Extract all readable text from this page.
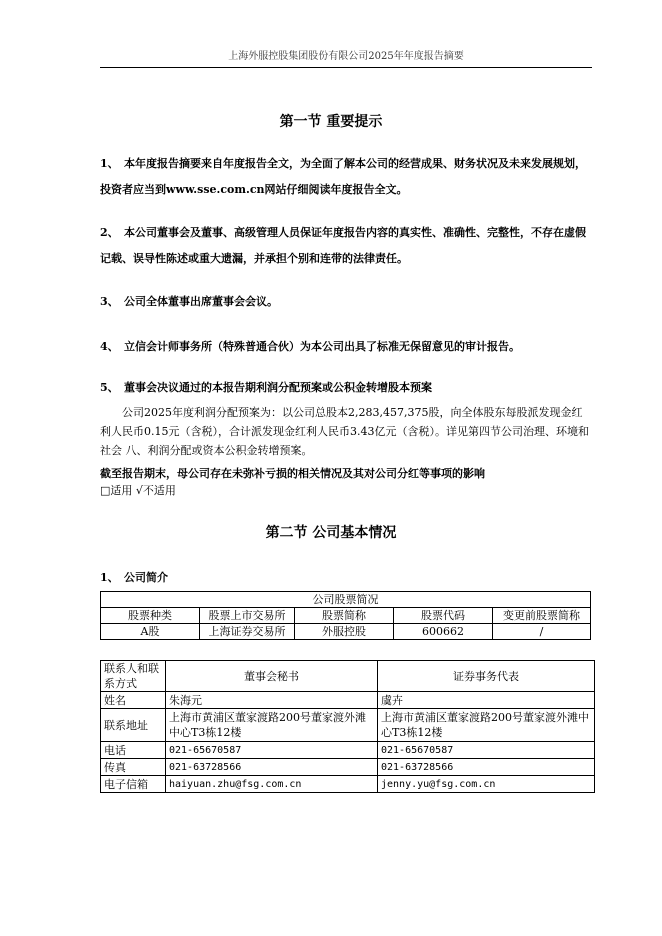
上海外服控股集团股份有限公司2025年年度报告摘要
第一节 重要提示
1、 本年度报告摘要来自年度报告全文，为全面了解本公司的经营成果、财务状况及未来发展规划，投资者应当到www.sse.com.cn网站仔细阅读年度报告全文。
2、 本公司董事会及董事、高级管理人员保证年度报告内容的真实性、准确性、完整性，不存在虚假记载、误导性陈述或重大遗漏，并承担个别和连带的法律责任。
3、 公司全体董事出席董事会会议。
4、 立信会计师事务所（特殊普通合伙）为本公司出具了标准无保留意见的审计报告。
5、 董事会决议通过的本报告期利润分配预案或公积金转增股本预案
公司2025年度利润分配预案为：以公司总股本2,283,457,375股，向全体股东每股派发现金红利人民币0.15元（含税），合计派发现金红利人民币3.43亿元（含税）。详见第四节公司治理、环境和社会 八、利润分配或资本公积金转增预案。
截至报告期末，母公司存在未弥补亏损的相关情况及其对公司分红等事项的影响
□适用 √不适用
第二节 公司基本情况
1、 公司简介
公司股票简况				
股票种类	股票上市交易所	股票简称	股票代码	变更前股票简称
A股	上海证券交易所	外服控股	600662	/
联系人和联系方式	董事会秘书	证券事务代表
姓名	朱海元	虞卉
联系地址	上海市黄浦区董家渡路200号董家渡外滩中心T3栋12楼	上海市黄浦区董家渡路200号董家渡外滩中心T3栋12楼
电话	021-65670587	021-65670587
传真	021-63728566	021-63728566
电子信箱	haiyuan.zhu@fsg.com.cn	jenny.yu@fsg.com.cn
